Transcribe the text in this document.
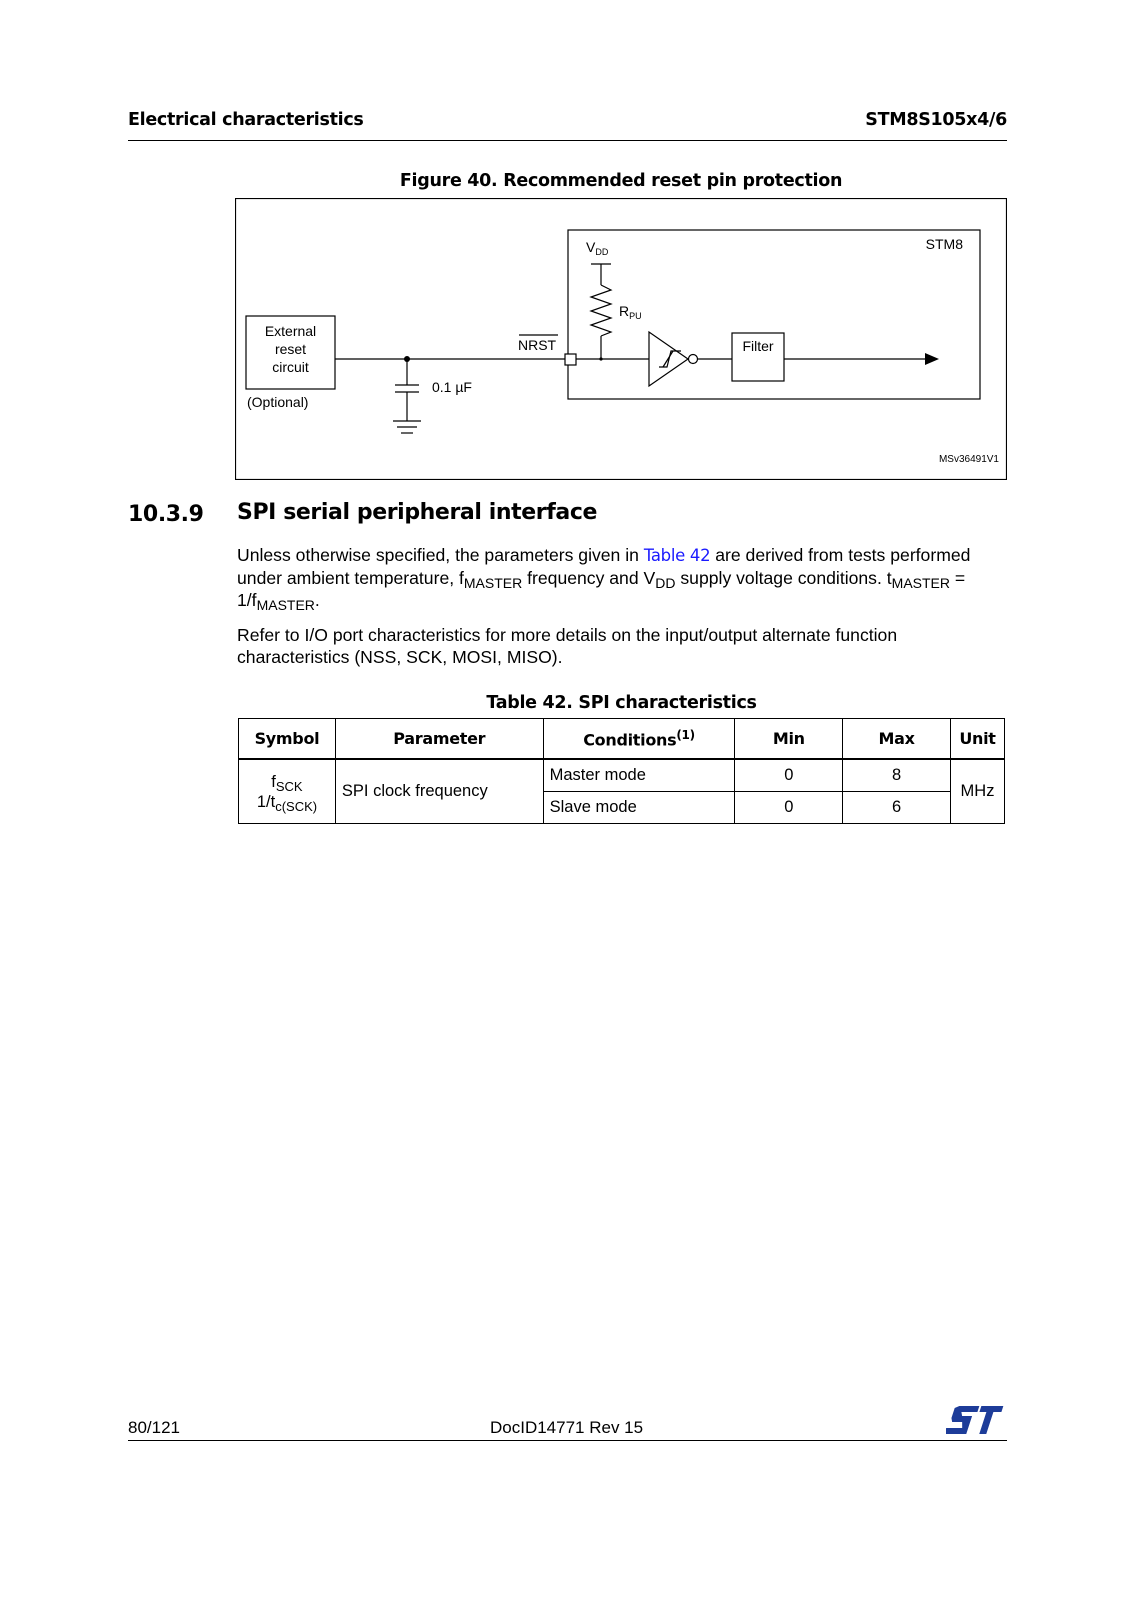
Electrical characteristics	STM8S105x4/6
Figure 40. Recommended reset pin protection
External
reset
circuit
(Optional)
0.1 µF
NRST
$V_{DD}$
$R_{PU}$
Filter
STM8
MSv36491V1
10.3.9 SPI serial peripheral interface
Unless otherwise specified, the parameters given in Table 42 are derived from tests performed under ambient temperature, $f_{MASTER}$ frequency and $V_{DD}$ supply voltage conditions. $t_{MASTER} = 1/f_{MASTER}$.
Refer to I/O port characteristics for more details on the input/output alternate function characteristics (NSS, SCK, MOSI, MISO).
Table 42. SPI characteristics
Symbol	Parameter	Conditions$^{(1)}$	Min	Max	Unit

$f_{SCK}$
$1/t_{c(SCK)}$	SPI clock frequency	Master mode	0	8	MHz
		Slave mode	0	6	
80/121	DocID14771 Rev 15
